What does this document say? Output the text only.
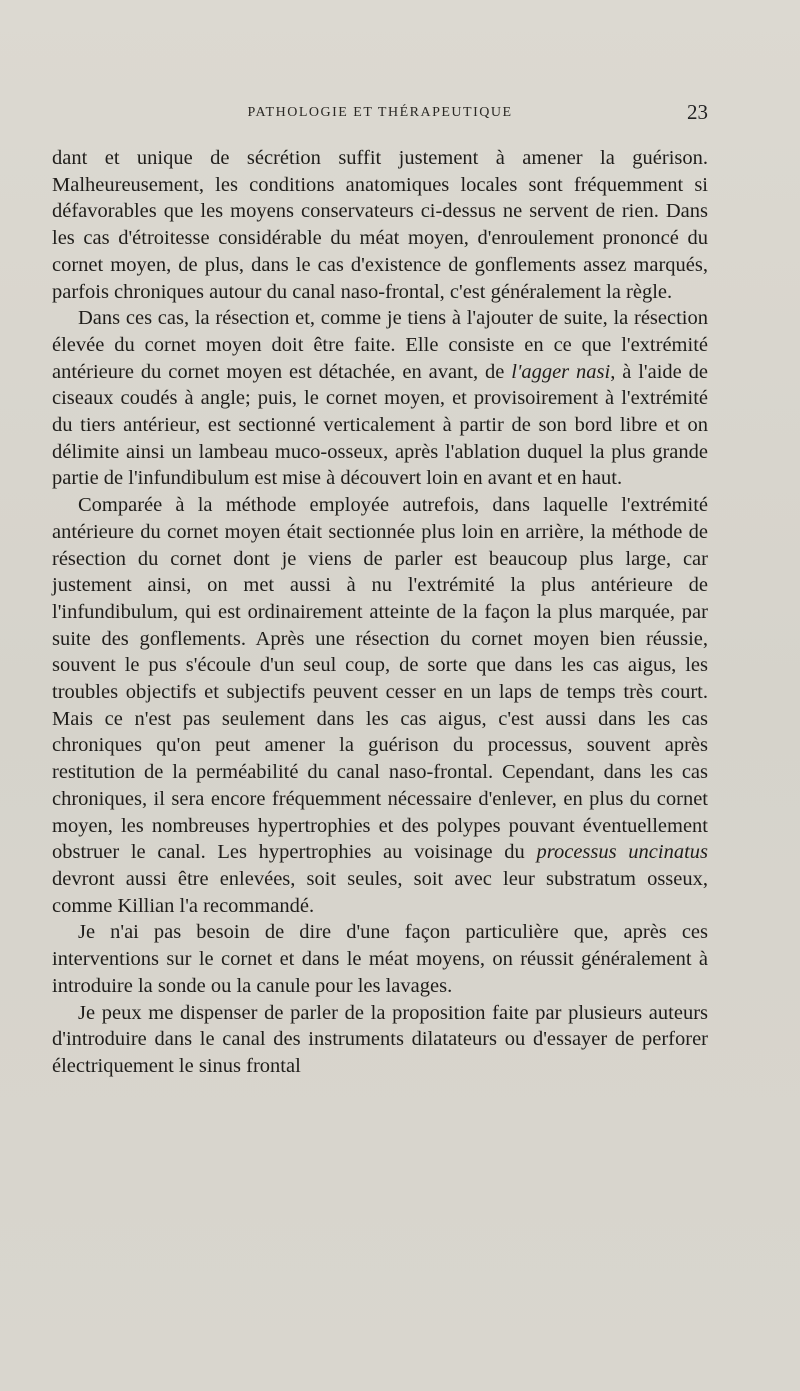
PATHOLOGIE ET THÉRAPEUTIQUE	23

dant et unique de sécrétion suffit justement à amener la guérison. Malheureusement, les conditions anatomiques locales sont fréquemment si défavorables que les moyens conservateurs ci-dessus ne servent de rien. Dans les cas d'étroitesse considérable du méat moyen, d'enroulement prononcé du cornet moyen, de plus, dans le cas d'existence de gonflements assez marqués, parfois chroniques autour du canal naso-frontal, c'est généralement la règle.

Dans ces cas, la résection et, comme je tiens à l'ajouter de suite, la résection élevée du cornet moyen doit être faite. Elle consiste en ce que l'extrémité antérieure du cornet moyen est détachée, en avant, de l'agger nasi, à l'aide de ciseaux coudés à angle; puis, le cornet moyen, et provisoirement à l'extrémité du tiers antérieur, est sectionné verticalement à partir de son bord libre et on délimite ainsi un lambeau muco-osseux, après l'ablation duquel la plus grande partie de l'infundibulum est mise à découvert loin en avant et en haut.

Comparée à la méthode employée autrefois, dans laquelle l'extrémité antérieure du cornet moyen était sectionnée plus loin en arrière, la méthode de résection du cornet dont je viens de parler est beaucoup plus large, car justement ainsi, on met aussi à nu l'extrémité la plus antérieure de l'infundibulum, qui est ordinairement atteinte de la façon la plus marquée, par suite des gonflements. Après une résection du cornet moyen bien réussie, souvent le pus s'écoule d'un seul coup, de sorte que dans les cas aigus, les troubles objectifs et subjectifs peuvent cesser en un laps de temps très court. Mais ce n'est pas seulement dans les cas aigus, c'est aussi dans les cas chroniques qu'on peut amener la guérison du processus, souvent après restitution de la perméabilité du canal naso-frontal. Cependant, dans les cas chroniques, il sera encore fréquemment nécessaire d'enlever, en plus du cornet moyen, les nombreuses hypertrophies et des polypes pouvant éventuellement obstruer le canal. Les hypertrophies au voisinage du processus uncinatus devront aussi être enlevées, soit seules, soit avec leur substratum osseux, comme Killian l'a recommandé.

Je n'ai pas besoin de dire d'une façon particulière que, après ces interventions sur le cornet et dans le méat moyens, on réussit généralement à introduire la sonde ou la canule pour les lavages.

Je peux me dispenser de parler de la proposition faite par plusieurs auteurs d'introduire dans le canal des instruments dilatateurs ou d'essayer de perforer électriquement le sinus frontal
